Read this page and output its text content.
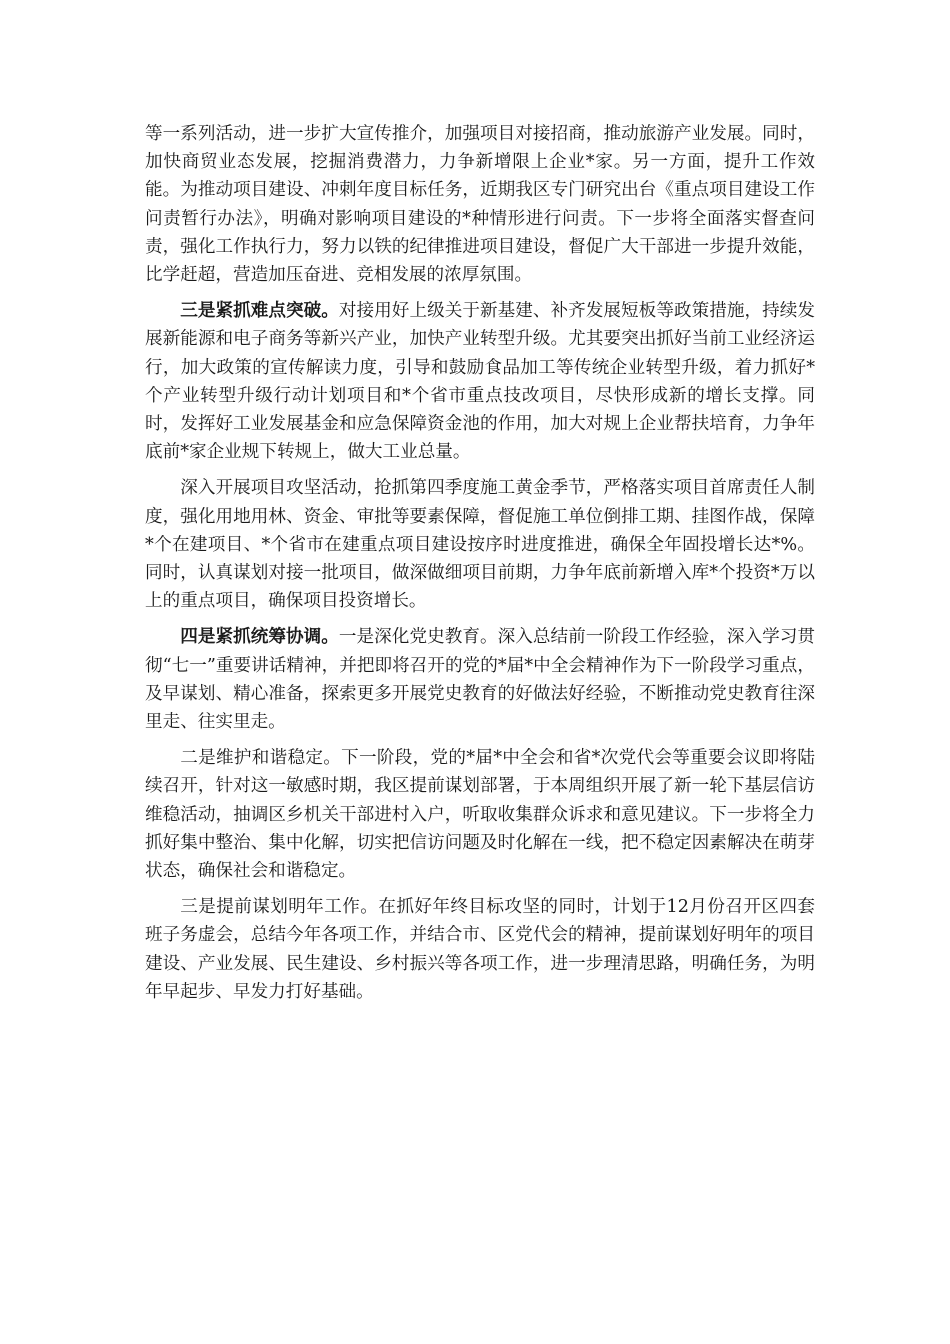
等一系列活动，进一步扩大宣传推介，加强项目对接招商，推动旅游产业发展。同时，加快商贸业态发展，挖掘消费潜力，力争新增限上企业*家。另一方面，提升工作效能。为推动项目建设、冲刺年度目标任务，近期我区专门研究出台《重点项目建设工作问责暂行办法》，明确对影响项目建设的*种情形进行问责。下一步将全面落实督查问责，强化工作执行力，努力以铁的纪律推进项目建设，督促广大干部进一步提升效能，比学赶超，营造加压奋进、竞相发展的浓厚氛围。

三是紧抓难点突破。对接用好上级关于新基建、补齐发展短板等政策措施，持续发展新能源和电子商务等新兴产业，加快产业转型升级。尤其要突出抓好当前工业经济运行，加大政策的宣传解读力度，引导和鼓励食品加工等传统企业转型升级，着力抓好*个产业转型升级行动计划项目和*个省市重点技改项目，尽快形成新的增长支撑。同时，发挥好工业发展基金和应急保障资金池的作用，加大对规上企业帮扶培育，力争年底前*家企业规下转规上，做大工业总量。

深入开展项目攻坚活动，抢抓第四季度施工黄金季节，严格落实项目首席责任人制度，强化用地用林、资金、审批等要素保障，督促施工单位倒排工期、挂图作战，保障*个在建项目、*个省市在建重点项目建设按序时进度推进，确保全年固投增长达*%。同时，认真谋划对接一批项目，做深做细项目前期，力争年底前新增入库*个投资*万以上的重点项目，确保项目投资增长。

四是紧抓统筹协调。一是深化党史教育。深入总结前一阶段工作经验，深入学习贯彻“七一”重要讲话精神，并把即将召开的党的*届*中全会精神作为下一阶段学习重点，及早谋划、精心准备，探索更多开展党史教育的好做法好经验，不断推动党史教育往深里走、往实里走。

二是维护和谐稳定。下一阶段，党的*届*中全会和省*次党代会等重要会议即将陆续召开，针对这一敏感时期，我区提前谋划部署，于本周组织开展了新一轮下基层信访维稳活动，抽调区乡机关干部进村入户，听取收集群众诉求和意见建议。下一步将全力抓好集中整治、集中化解，切实把信访问题及时化解在一线，把不稳定因素解决在萌芽状态，确保社会和谐稳定。

三是提前谋划明年工作。在抓好年终目标攻坚的同时，计划于12月份召开区四套班子务虚会，总结今年各项工作，并结合市、区党代会的精神，提前谋划好明年的项目建设、产业发展、民生建设、乡村振兴等各项工作，进一步理清思路，明确任务，为明年早起步、早发力打好基础。
